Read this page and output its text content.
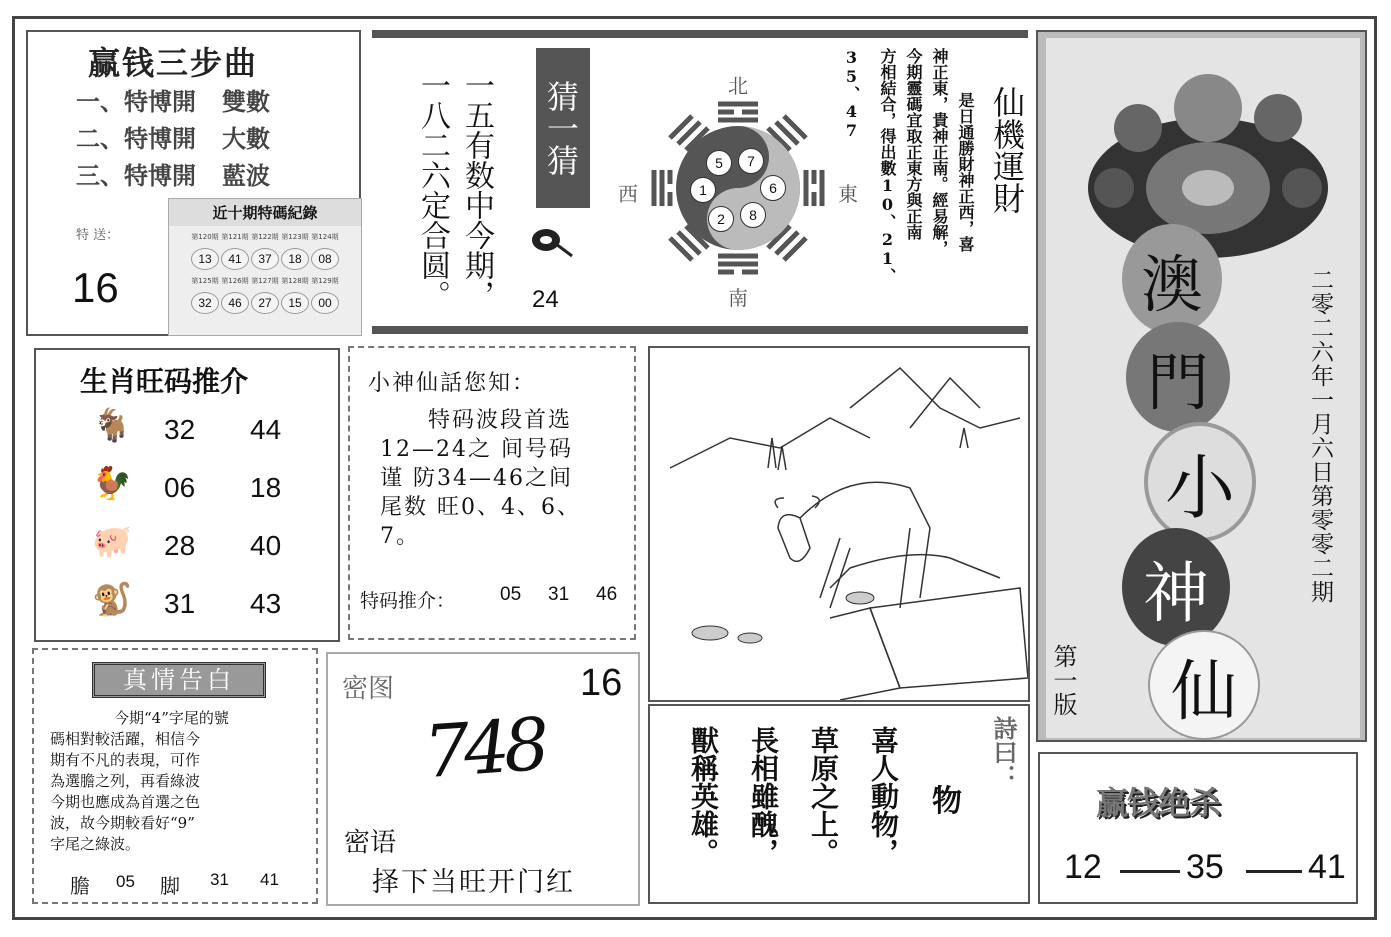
赢钱三步曲
一、特博開 雙數
二、特博開 大數
三、特博開 藍波
特 送：
16
近十期特碼紀錄
第120期	第121期	第122期	第123期	第124期
13	41	37	18	08
第125期	第126期	第127期	第128期	第129期
32	46	27	15	00	一八二六定合圆。 一五有数中今期， 猜一猜
24
北
南
西	東
5	7
1	6
2	8
仙機運財
是日通勝財神正西，喜
神正東，貴神正南。經易解，
今期靈碼宜取正東方與正南
方相結合，得出數10、21、
35、47
澳
門
小
神
仙
二零二六年一月六日第零零二期
第一版
生肖旺码推介
🐐 32 44
🐓 06 18
🐖 28 40
🐒 31 43
小神仙話您知：
特码波段首选
12—24之 间号码
谨 防34—46之间
尾数 旺0、4、6、
7。
特码推介： 05 31 46
真情告白
今期“4”字尾的號
碼相對較活躍，相信今
期有不凡的表現，可作
為選膽之列，再看綠波
今期也應成為首選之色
波，故今期較看好“9”
字尾之綠波。
膽 05 脚 31 41
密图	16
748
密语
择下当旺开门红
詩曰：
物
喜人動物，
草原之上。
長相雖醜，
獸稱英雄。	赢钱绝杀
12 35 41
